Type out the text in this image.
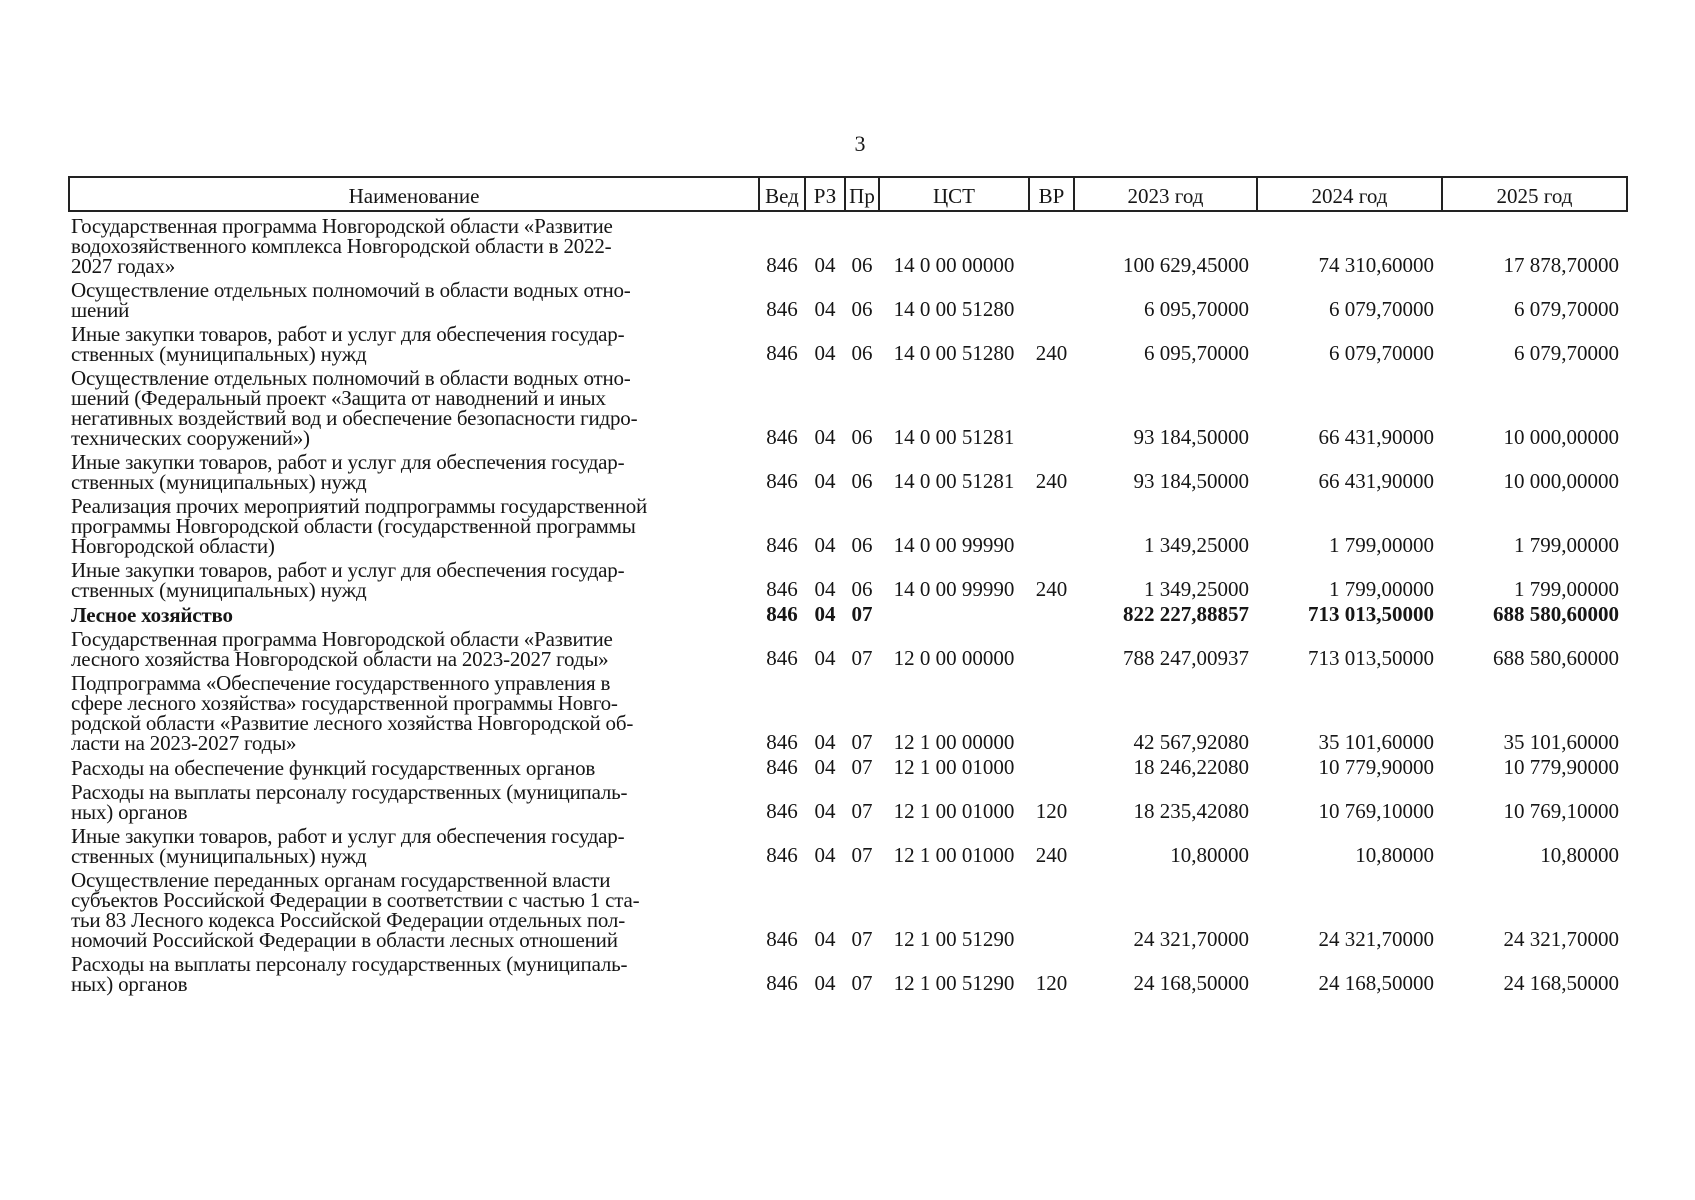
3
Наименование	Вед	РЗ	Пр	ЦСТ	ВР	2023 год	2024 год	2025 год

Государственная программа Новгородской области «Развитие
водохозяйственного комплекса Новгородской области в 2022-
2027 годах»	846	04	06	14 0 00 00000		100 629,45000	74 310,60000	17 878,70000

Осуществление отдельных полномочий в области водных отно-
шений	846	04	06	14 0 00 51280		6 095,70000	6 079,70000	6 079,70000

Иные закупки товаров, работ и услуг для обеспечения государ-
ственных (муниципальных) нужд	846	04	06	14 0 00 51280	240	6 095,70000	6 079,70000	6 079,70000

Осуществление отдельных полномочий в области водных отно-
шений (Федеральный проект «Защита от наводнений и иных
негативных воздействий вод и обеспечение безопасности гидро-
технических сооружений»)	846	04	06	14 0 00 51281		93 184,50000	66 431,90000	10 000,00000

Иные закупки товаров, работ и услуг для обеспечения государ-
ственных (муниципальных) нужд	846	04	06	14 0 00 51281	240	93 184,50000	66 431,90000	10 000,00000

Реализация прочих мероприятий подпрограммы государственной
программы Новгородской области (государственной программы
Новгородской области)	846	04	06	14 0 00 99990		1 349,25000	1 799,00000	1 799,00000

Иные закупки товаров, работ и услуг для обеспечения государ-
ственных (муниципальных) нужд	846	04	06	14 0 00 99990	240	1 349,25000	1 799,00000	1 799,00000

Лесное хозяйство	846	04	07			822 227,88857	713 013,50000	688 580,60000

Государственная программа Новгородской области «Развитие
лесного хозяйства Новгородской области на 2023-2027 годы»	846	04	07	12 0 00 00000		788 247,00937	713 013,50000	688 580,60000

Подпрограмма «Обеспечение государственного управления в
сфере лесного хозяйства» государственной программы Новго-
родской области «Развитие лесного хозяйства Новгородской об-
ласти на 2023-2027 годы»	846	04	07	12 1 00 00000		42 567,92080	35 101,60000	35 101,60000

Расходы на обеспечение функций государственных органов	846	04	07	12 1 00 01000		18 246,22080	10 779,90000	10 779,90000

Расходы на выплаты персоналу государственных (муниципаль-
ных) органов	846	04	07	12 1 00 01000	120	18 235,42080	10 769,10000	10 769,10000

Иные закупки товаров, работ и услуг для обеспечения государ-
ственных (муниципальных) нужд	846	04	07	12 1 00 01000	240	10,80000	10,80000	10,80000

Осуществление переданных органам государственной власти
субъектов Российской Федерации в соответствии с частью 1 ста-
тьи 83 Лесного кодекса Российской Федерации отдельных пол-
номочий Российской Федерации в области лесных отношений	846	04	07	12 1 00 51290		24 321,70000	24 321,70000	24 321,70000

Расходы на выплаты персоналу государственных (муниципаль-
ных) органов	846	04	07	12 1 00 51290	120	24 168,50000	24 168,50000	24 168,50000
